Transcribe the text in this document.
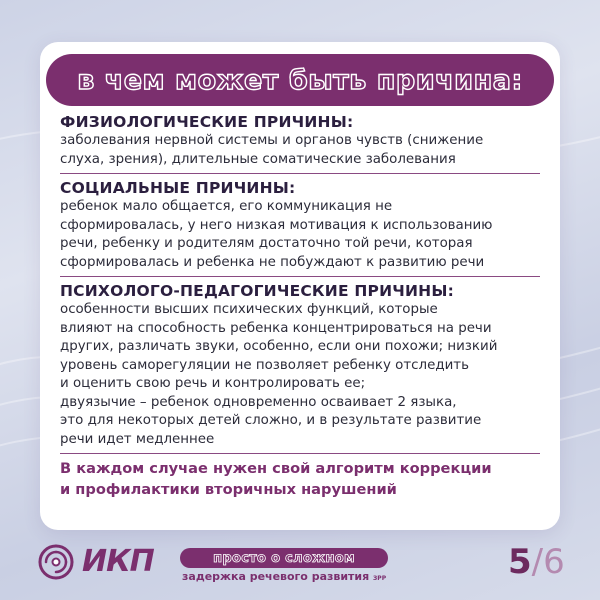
в чем может быть причина:
ФИЗИОЛОГИЧЕСКИЕ ПРИЧИНЫ:
заболевания нервной системы и органов чувств (снижение
слуха, зрения), длительные соматические заболевания
СОЦИАЛЬНЫЕ ПРИЧИНЫ:
ребенок мало общается, его коммуникация не
сформировалась, у него низкая мотивация к использованию
речи, ребенку и родителям достаточно той речи, которая
сформировалась и ребенка не побуждают к развитию речи
ПСИХОЛОГО-ПЕДАГОГИЧЕСКИЕ ПРИЧИНЫ:
особенности высших психических функций, которые
влияют на способность ребенка концентрироваться на речи
других, различать звуки, особенно, если они похожи; низкий
уровень саморегуляции не позволяет ребенку отследить
и оценить свою речь и контролировать ее;
двуязычие – ребенок одновременно осваивает 2 языка,
это для некоторых детей сложно, и в результате развитие
речи идет медленнее
В каждом случае нужен свой алгоритм коррекции
и профилактики вторичных нарушений
ИКП	просто о сложном
задержка речевого развития ЗРР	5/6
